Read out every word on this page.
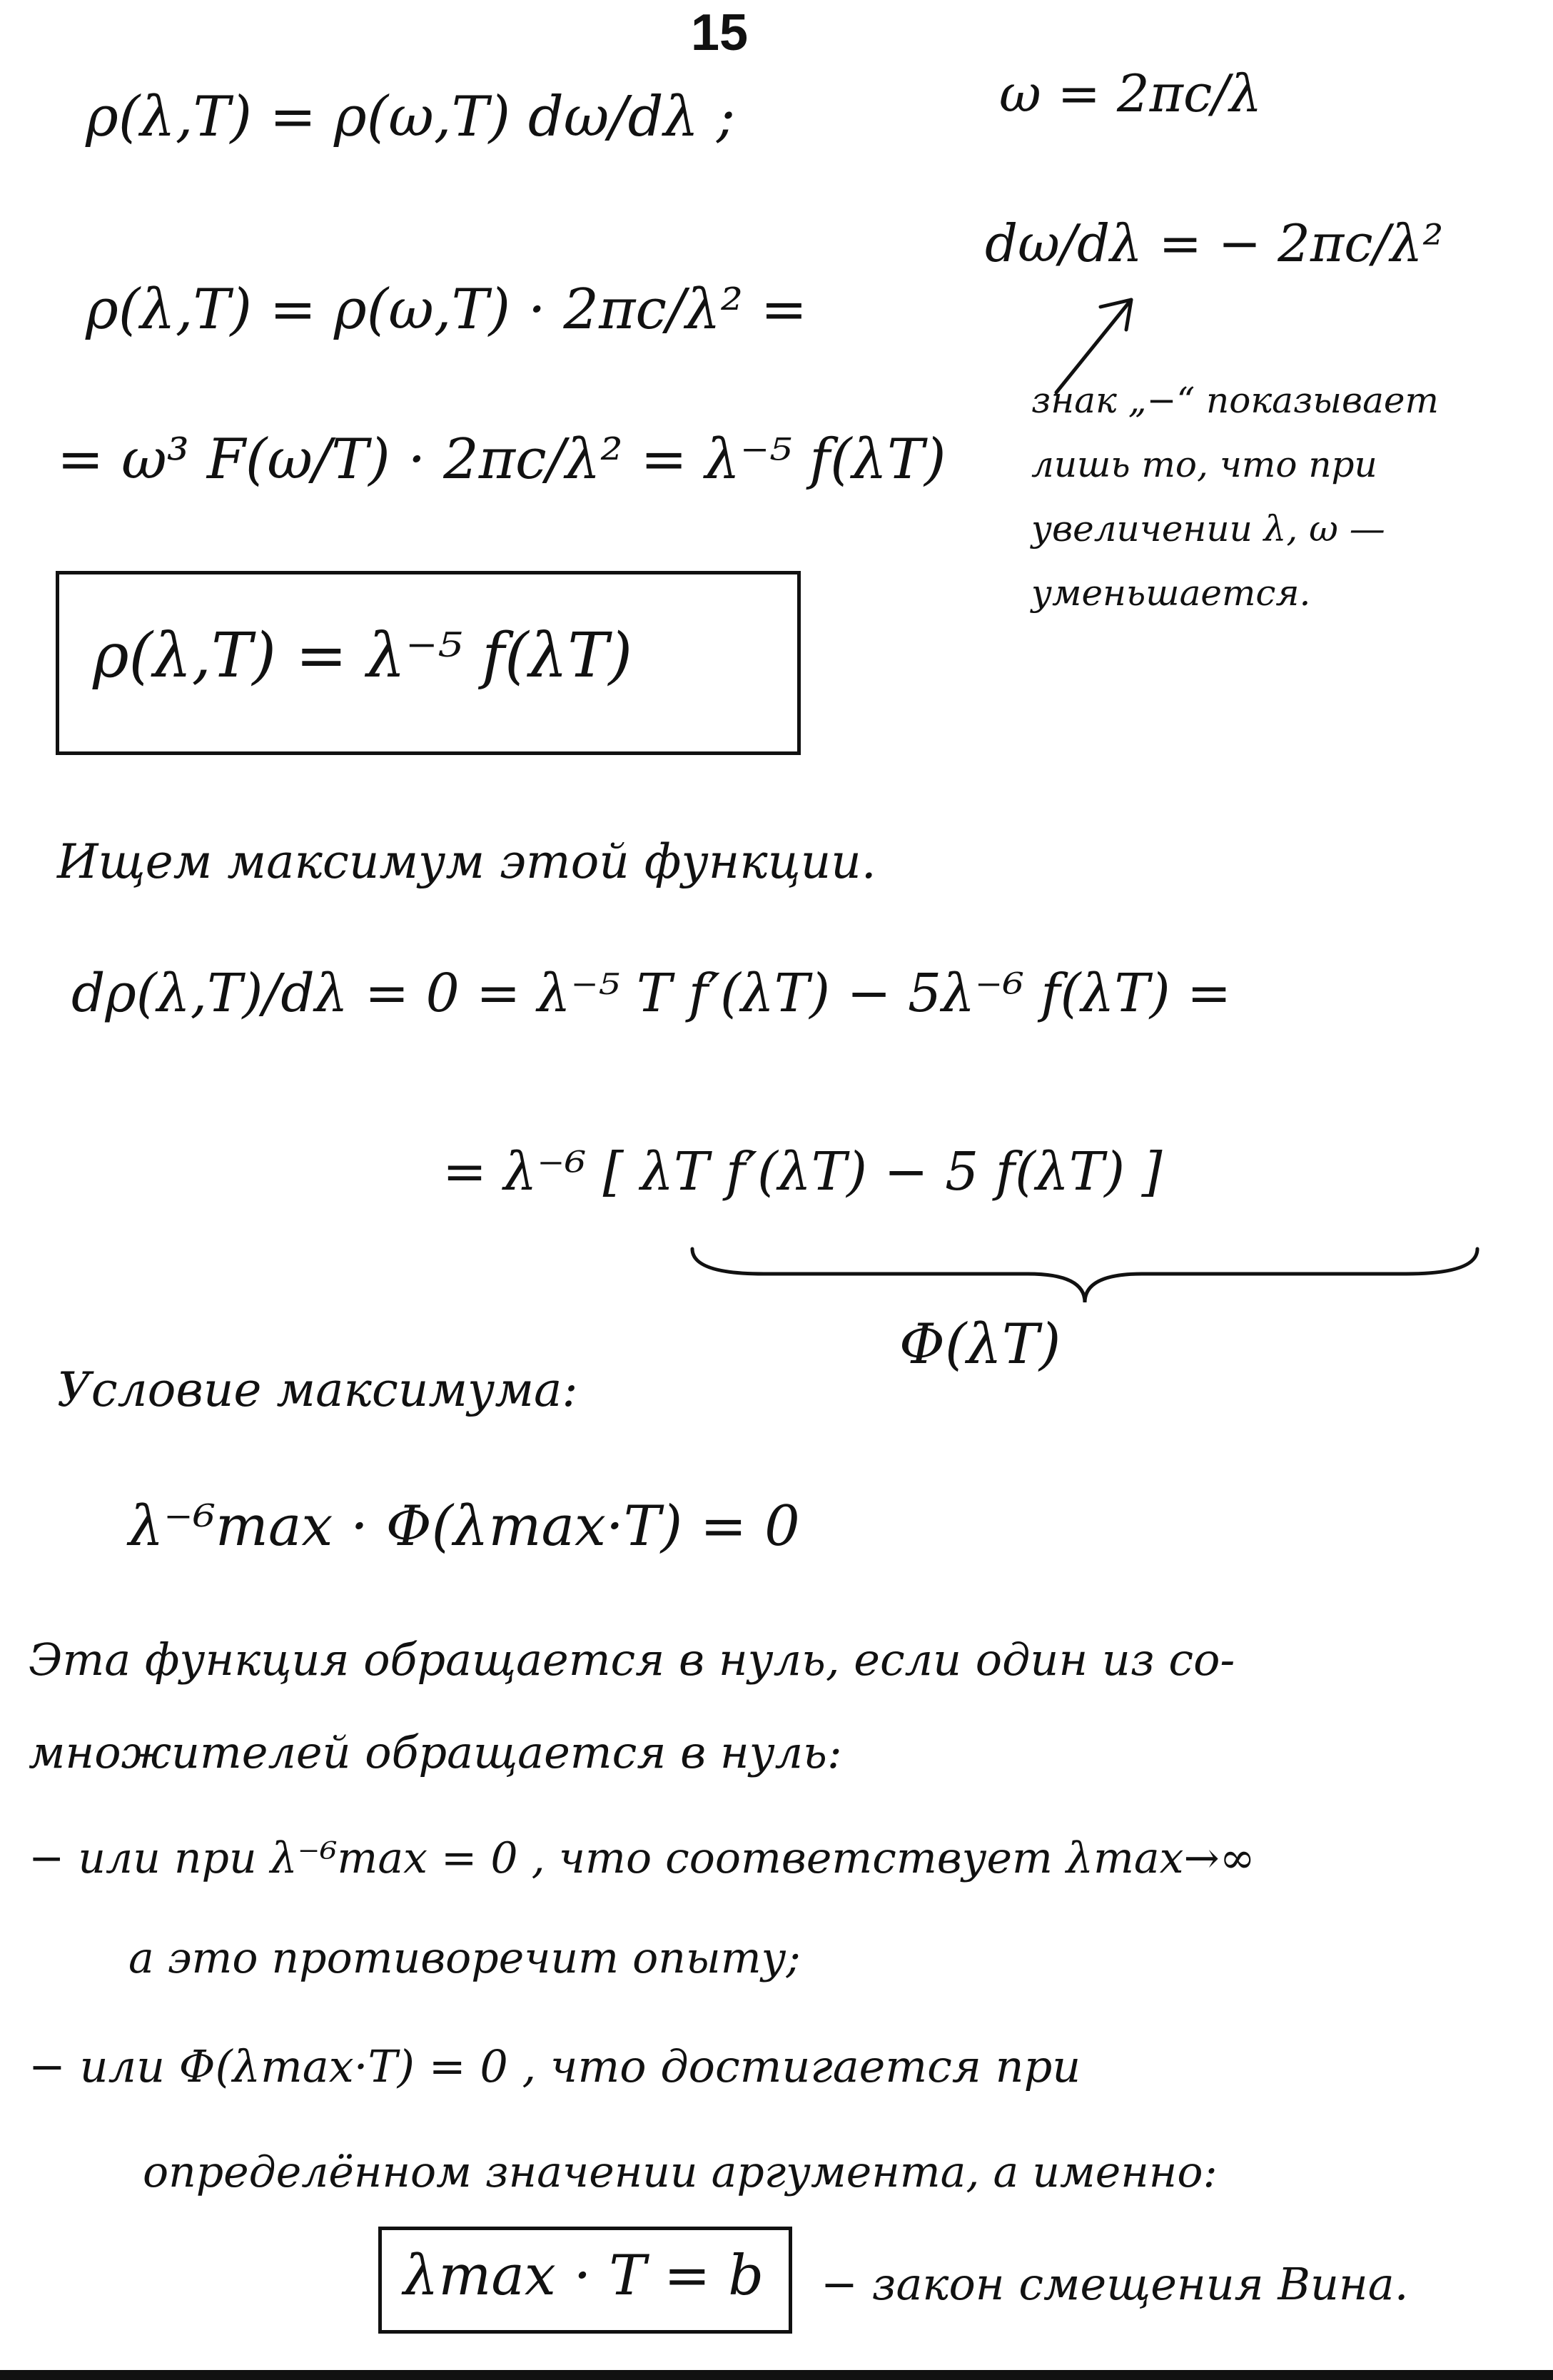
15
ρ(λ,T) = ρ(ω,T) dω/dλ ;
ρ(λ,T) = ρ(ω,T) · 2πc/λ² =
= ω³ F(ω/T) · 2πc/λ² = λ⁻⁵ f(λT)
ρ(λ,T) = λ⁻⁵ f(λT)
ω = 2πc/λ
dω/dλ = − 2πc/λ²
знак „−“ показывает
лишь то, что при
увеличении λ, ω —
уменьшается.
Ищем максимум этой функции.
dρ(λ,T)/dλ = 0 = λ⁻⁵ T f′(λT) − 5λ⁻⁶ f(λT) =
= λ⁻⁶ [ λT f′(λT) − 5 f(λT) ]
Φ(λT)
Условие максимума:
λ⁻⁶max · Φ(λmax·T) = 0
Эта функция обращается в нуль, если один из со-
множителей обращается в нуль:
− или при λ⁻⁶max = 0 , что соответствует λmax→∞
а это противоречит опыту;
− или Φ(λmax·T) = 0 , что достигается при
определённом значении аргумента, а именно:
λmax · T = b − закон смещения Вина.
